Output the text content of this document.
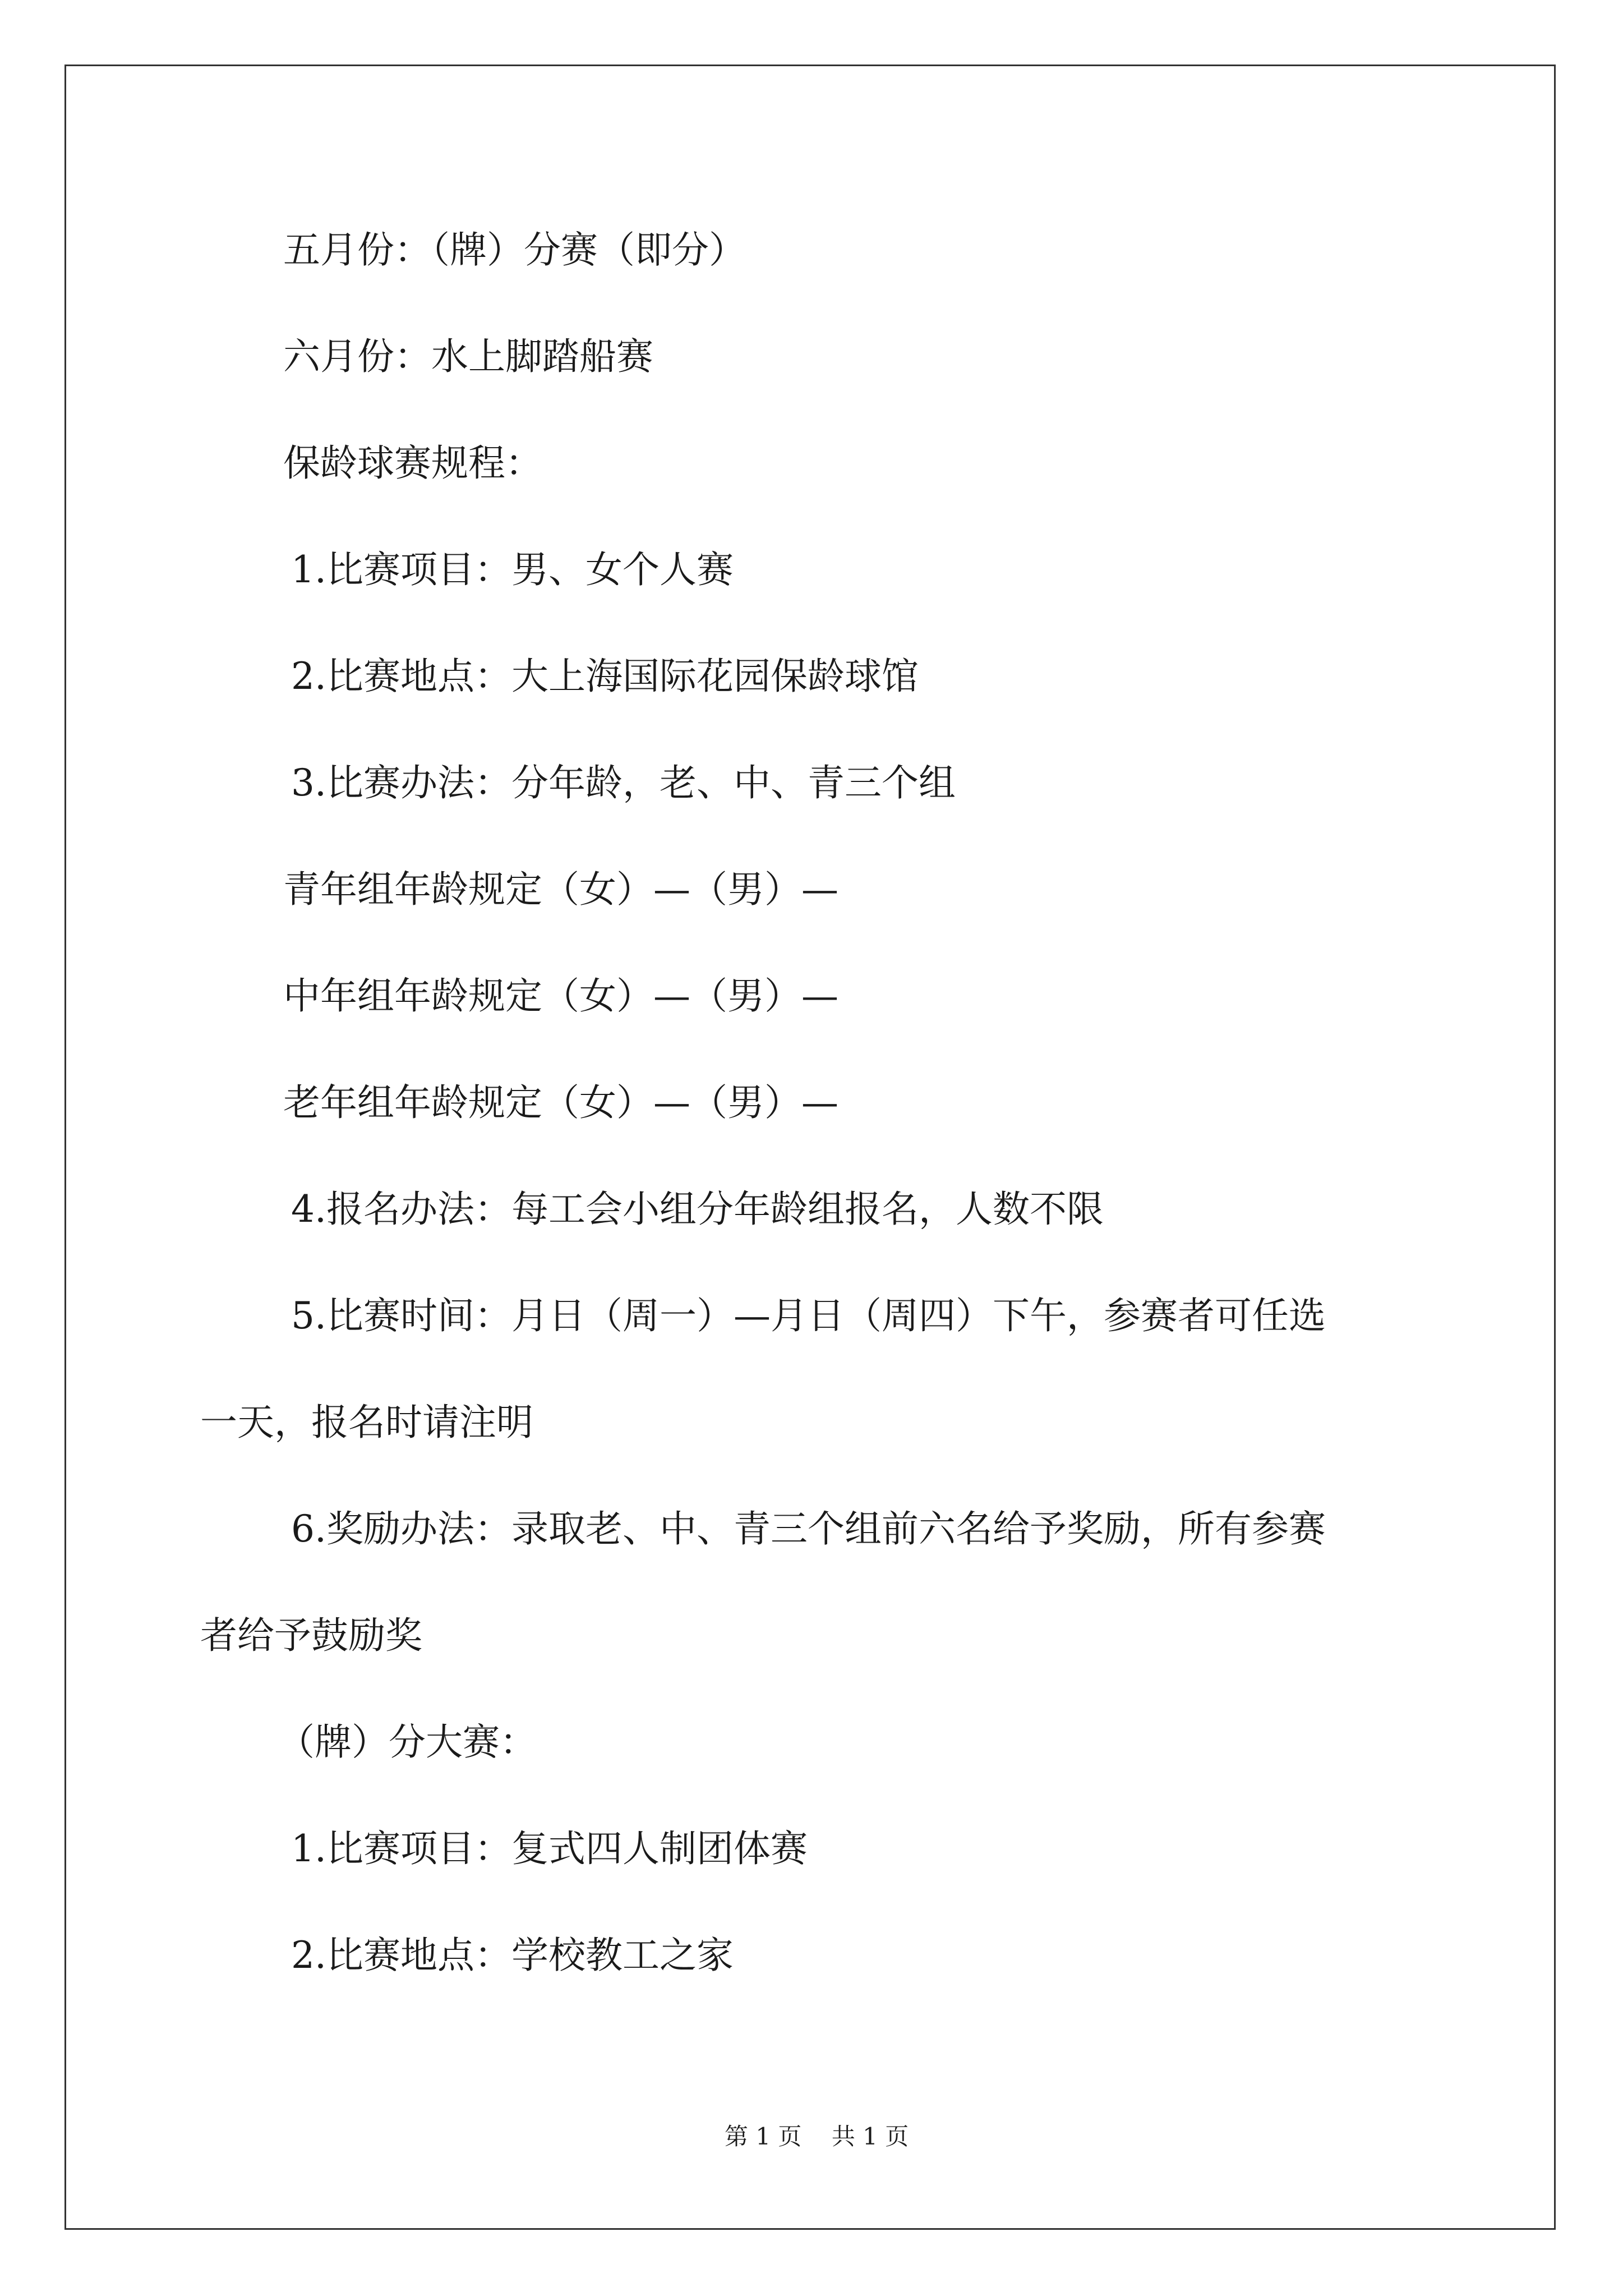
五月份：（牌）分赛（即分）
六月份：水上脚踏船赛
保龄球赛规程：
1.比赛项目：男、女个人赛
2.比赛地点：大上海国际花园保龄球馆
3.比赛办法：分年龄，老、中、青三个组
青年组年龄规定（女）—（男）—
中年组年龄规定（女）—（男）—
老年组年龄规定（女）—（男）—
4.报名办法：每工会小组分年龄组报名，人数不限
5.比赛时间：月日（周一）—月日（周四）下午，参赛者可任选
一天，报名时请注明
6.奖励办法：录取老、中、青三个组前六名给予奖励，所有参赛
者给予鼓励奖
（牌）分大赛：
1.比赛项目：复式四人制团体赛
2.比赛地点：学校教工之家
第 1 页    共 1 页
